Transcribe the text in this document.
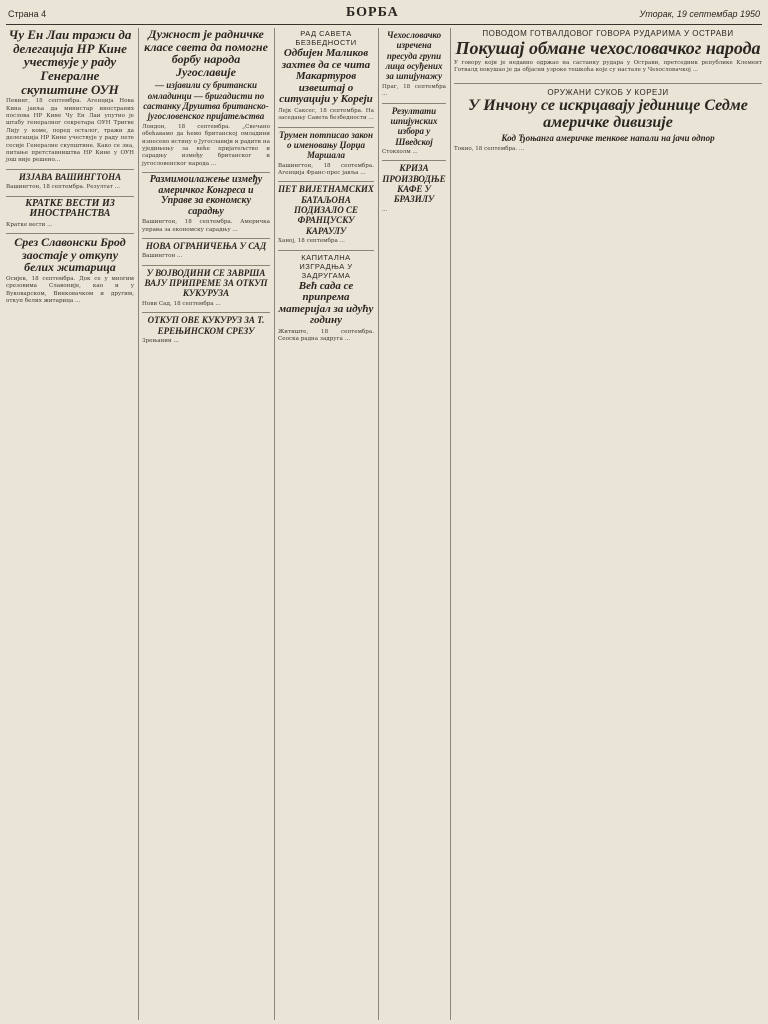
Страна 4	БОРБА	Уторак, 19 септембар 1950
Чу Ен Лаи тражи да делегација НР Кине учествује у раду Генералне скупштине ОУН

Пекинг, 18 септембра. Агенција Нова Кина јавља да министар иностраних послова НР Кине Чу Ен Лаи упутио је штабу генералног секретара ОУН Тригве Лију у коме, поред осталог, тражи да делегација НР Кине учествује у раду пете сесије Генералне скупштине. Како се зна, питање претставништва НР Кине у ОУН још није решено...

ИЗЈАВА ВАШИНГТОНА

Вашингтон, 18 септембра. Резултат ...

КРАТКЕ ВЕСТИ ИЗ ИНОСТРАНСТВА

Кратке вести ...

Срез Славонски Брод заостаје у откупу белих житарица

Осијек, 18 септембра. Док се у многим срезовима Славоније, као и у Вуковарском, Винковачком и другим, откуп белих житарица ...

Дужност је радничке класе света да помогне борбу народа Југославије

— изјавили су британски омладинци — бригадисти по састанку Друштва британско-југословенског пријатељства

Лондон, 18 септембра. „Свечано обећавамо да ћемо британској омладини изнесено истину о Југославији и радити на уједињењу за веће пријатељство и сарадњу између британског и југословенског народа ...

Размимоилажење између америчког Конгреса и Управе за економску сарадњу

Вашингтон, 18 септембра. Америчка управа за економску сарадњу ...

НОВА ОГРАНИЧЕЊА У САД

Вашингтон ...

У ВОЈВОДИНИ СЕ ЗАВРША ВАЈУ ПРИПРЕМЕ ЗА ОТКУП КУКУРУЗА

Нови Сад, 18 септембра ...

ОТКУП ОВЕ КУКУРУЗ ЗА Т. ЕРЕЊИНСКОМ СРЕЗУ

Зрењанин ...

РАД САВЕТА БЕЗБЕДНОСТИ
Одбијен Маликов захтев да се чита Макартуров извештај о ситуацији у Кореји

Лејк Саксес, 18 септембра. На заседању Савета безбедности ...

Трумен потписао закон о именовању Џорџа Маршала

Вашингтон, 18 септембра. Агенција Франс-прес јавља ...

ПЕТ ВИЈЕТНАМСКИХ БАТАЉОНА ПОДИЗАЛО СЕ ФРАНЦУСКУ КАРАУЛУ

Ханој, 18 септембра ...

КАПИТАЛНА ИЗГРАДЊА У ЗАДРУГАМА
Већ сада се припрема материјал за идућу годину

Житиште, 18 септембра. Сеоска радна задруга ...

Чехословачко изречена пресуда групи лица осуђених за шпијунажу

Праг, 18 септембра ...

Резултати шпијунских избора у Шведској

Стокхолм ...

КРИЗА ПРОИЗВОДЊЕ КАФЕ У БРАЗИЛУ

...

ПОВОДОМ ГОТВАЛДОВОГ ГОВОРА РУДАРИМА У ОСТРАВИ
Покушај обмане чехословачког народа

У говору који је недавно одржао на састанку рудара у Острави, претседник републике Клемент Готвалд покушао је да објасни узроке тешкоћа које су настале у Чехословачкој ...

ОРУЖАНИ СУКОБ У КОРЕЈИ
У Инчону се искрцавају јединице Седме америчке дивизије

Код Ђоњанга америчке тенкове напали на јачи одпор

Токио, 18 септембра. ...
